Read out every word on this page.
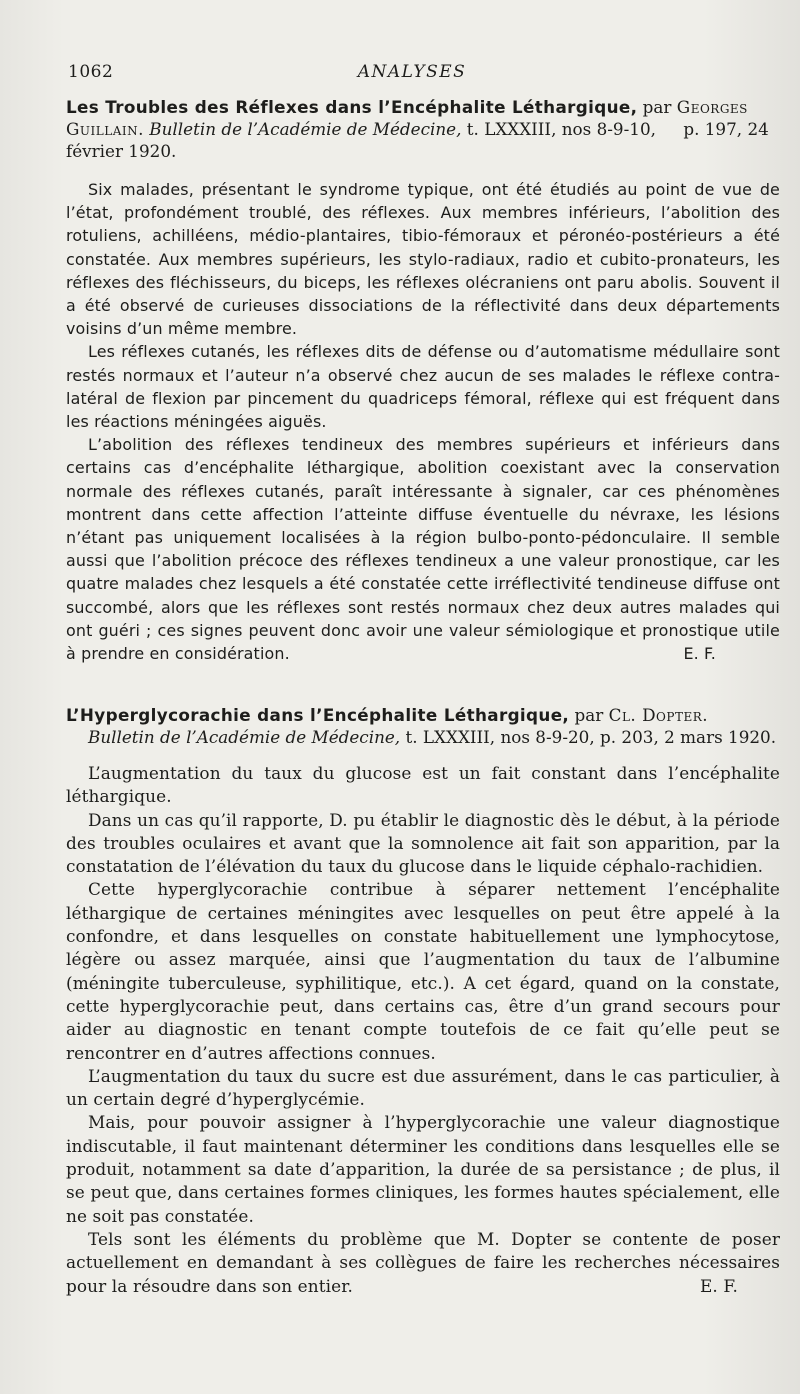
1062	ANALYSES

Les Troubles des Réflexes dans l’Encéphalite Léthargique, par Georges Guillain. Bulletin de l’Académie de Médecine, t. LXXXIII, nos 8-9-10, p. 197, 24 février 1920.

Six malades, présentant le syndrome typique, ont été étudiés au point de vue de l’état, profondément troublé, des réflexes. Aux membres inférieurs, l’abolition des rotuliens, achilléens, médio-plantaires, tibio-fémoraux et péronéo-postérieurs a été constatée. Aux membres supérieurs, les stylo-radiaux, radio et cubito-pronateurs, les réflexes des fléchisseurs, du biceps, les réflexes olécraniens ont paru abolis. Souvent il a été observé de curieuses dissociations de la réflectivité dans deux départements voisins d’un même membre.

Les réflexes cutanés, les réflexes dits de défense ou d’automatisme médullaire sont restés normaux et l’auteur n’a observé chez aucun de ses malades le réflexe contra-latéral de flexion par pincement du quadriceps fémoral, réflexe qui est fréquent dans les réactions méningées aiguës.

L’abolition des réflexes tendineux des membres supérieurs et inférieurs dans certains cas d’encéphalite léthargique, abolition coexistant avec la conservation normale des réflexes cutanés, paraît intéressante à signaler, car ces phénomènes montrent dans cette affection l’atteinte diffuse éventuelle du névraxe, les lésions n’étant pas uniquement localisées à la région bulbo-ponto-pédonculaire. Il semble aussi que l’abolition précoce des réflexes tendineux a une valeur pronostique, car les quatre malades chez lesquels a été constatée cette irréflectivité tendineuse diffuse ont succombé, alors que les réflexes sont restés normaux chez deux autres malades qui ont guéri ; ces signes peuvent donc avoir une valeur sémiologique et pronostique utile à prendre en considération.	E. F.

L’Hyperglycorachie dans l’Encéphalite Léthargique, par Cl. Dopter.
Bulletin de l’Académie de Médecine, t. LXXXIII, nos 8-9-20, p. 203, 2 mars 1920.

L’augmentation du taux du glucose est un fait constant dans l’encéphalite léthargique.

Dans un cas qu’il rapporte, D. pu établir le diagnostic dès le début, à la période des troubles oculaires et avant que la somnolence ait fait son apparition, par la constatation de l’élévation du taux du glucose dans le liquide céphalo-rachidien.

Cette hyperglycorachie contribue à séparer nettement l’encéphalite léthargique de certaines méningites avec lesquelles on peut être appelé à la confondre, et dans lesquelles on constate habituellement une lymphocytose, légère ou assez marquée, ainsi que l’augmentation du taux de l’albumine (méningite tuberculeuse, syphilitique, etc.). A cet égard, quand on la constate, cette hyperglycorachie peut, dans certains cas, être d’un grand secours pour aider au diagnostic en tenant compte toutefois de ce fait qu’elle peut se rencontrer en d’autres affections connues.

L’augmentation du taux du sucre est due assurément, dans le cas particulier, à un certain degré d’hyperglycémie.

Mais, pour pouvoir assigner à l’hyperglycorachie une valeur diagnostique indiscutable, il faut maintenant déterminer les conditions dans lesquelles elle se produit, notamment sa date d’apparition, la durée de sa persistance ; de plus, il se peut que, dans certaines formes cliniques, les formes hautes spécialement, elle ne soit pas constatée.

Tels sont les éléments du problème que M. Dopter se contente de poser actuellement en demandant à ses collègues de faire les recherches nécessaires pour la résoudre dans son entier.	E. F.
